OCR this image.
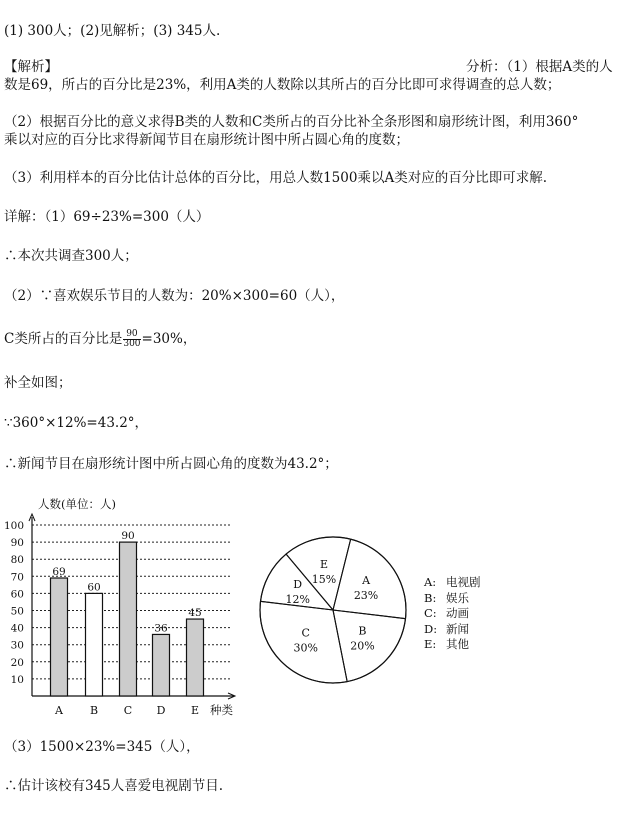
(1) 300人；(2)见解析；(3) 345人.
【解析】	分析：（1）根据A类的人
数是69，所占的百分比是23%，利用A类的人数除以其所占的百分比即可求得调查的总人数；
（2）根据百分比的意义求得B类的人数和C类所占的百分比补全条形图和扇形统计图，利用360°
乘以对应的百分比求得新闻节目在扇形统计图中所占圆心角的度数；
（3）利用样本的百分比估计总体的百分比，用总人数1500乘以A类对应的百分比即可求解.
详解：（1）69÷23%=300（人）
∴本次共调查300人；
（2）∵喜欢娱乐节目的人数为：20%×300=60（人），
C类所占的百分比是 $\frac{90}{300} =30\%$，
补全如图；
∵360°×12%=43.2°，
∴新闻节目在扇形统计图中所占圆心角的度数为43.2°；
人数(单位：人)
10
20
30
40
50
60
70
80
90
100
种类
69
A
60
B
90
C
36
D
45
E
A
23%
B
20%
C
30%
D
12%
E
15%	A: 电视剧
B: 娱乐
C: 动画
D: 新闻
E: 其他
（3）1500×23%=345（人），
∴估计该校有345人喜爱电视剧节目.
